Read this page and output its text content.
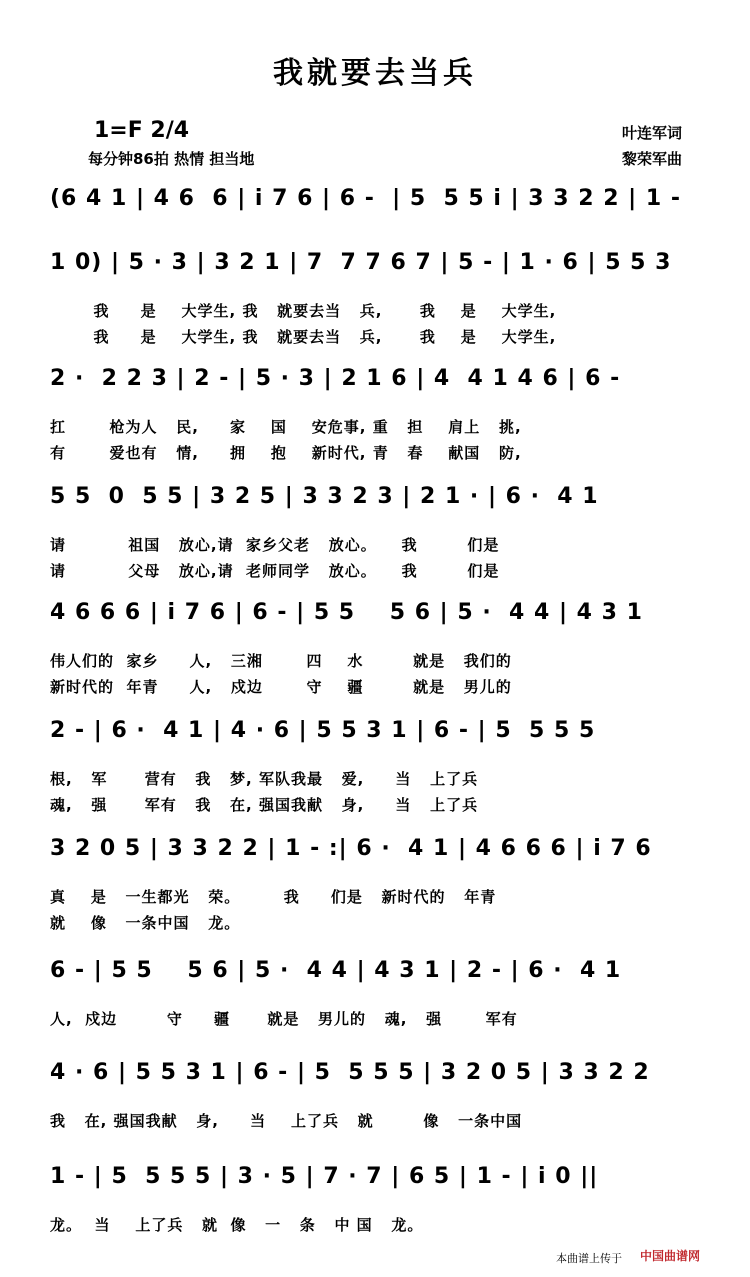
我就要去当兵
1=F 2/4
每分钟86拍 热情 担当地
叶连军词
黎荣军曲
(6 4 1 | 4 6  6 | i 7 6 | 6 -  | 5  5 5 i | 3 3 2 2 | 1 -
1 0) | 5 · 3 | 3 2 1 | 7  7 7 6 7 | 5 - | 1 · 6 | 5 5 3
我     是    大学生, 我   就要去当   兵,      我    是    大学生,
我     是    大学生, 我   就要去当   兵,      我    是    大学生,
2 ·  2 2 3 | 2 - | 5 · 3 | 2 1 6 | 4  4 1 4 6 | 6 -
扛       枪为人   民,     家    国    安危事, 重   担    肩上   挑,
有       爱也有   情,     拥    抱    新时代, 青   春    献国   防,
5 5  0  5 5 | 3 2 5 | 3 3 2 3 | 2 1 · | 6 ·  4 1
请          祖国   放心,请  家乡父老   放心。    我        们是
请          父母   放心,请  老师同学   放心。    我        们是
4 6 6 6 | i 7 6 | 6 - | 5 5    5 6 | 5 ·  4 4 | 4 3 1
伟人们的  家乡     人,   三湘       四    水        就是   我们的
新时代的  年青     人,   戍边       守    疆        就是   男儿的
2 - | 6 ·  4 1 | 4 · 6 | 5 5 3 1 | 6 - | 5  5 5 5
根,   军      营有   我   梦, 军队我最   爱,     当   上了兵
魂,   强      军有   我   在, 强国我献   身,     当   上了兵
3 2 0 5 | 3 3 2 2 | 1 - :| 6 ·  4 1 | 4 6 6 6 | i 7 6
真    是   一生都光   荣。       我     们是   新时代的   年青
就    像   一条中国   龙。
6 - | 5 5    5 6 | 5 ·  4 4 | 4 3 1 | 2 - | 6 ·  4 1
人,  戍边        守     疆      就是   男儿的   魂,   强       军有
4 · 6 | 5 5 3 1 | 6 - | 5  5 5 5 | 3 2 0 5 | 3 3 2 2
我   在, 强国我献   身,     当    上了兵   就        像   一条中国
1 - | 5  5 5 5 | 3 · 5 | 7 · 7 | 6 5 | 1 - | i 0 ||
龙。  当    上了兵   就  像   一   条   中 国   龙。
本曲谱上传于 中国曲谱网
